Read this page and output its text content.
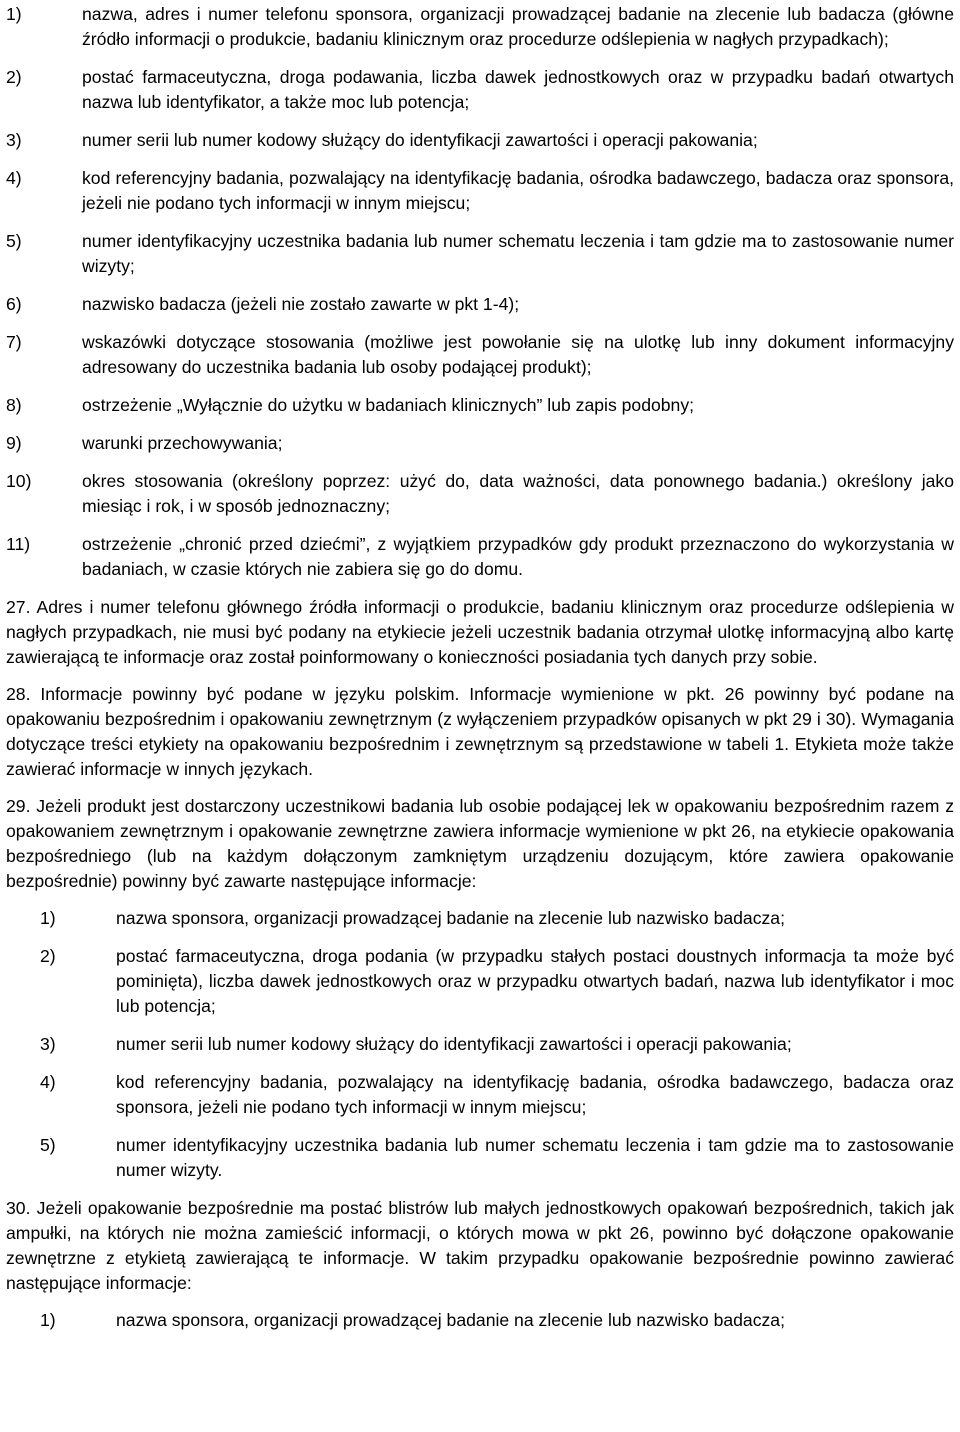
1)	nazwa, adres i numer telefonu sponsora, organizacji prowadzącej badanie na zlecenie lub badacza (główne źródło informacji o produkcie, badaniu klinicznym oraz procedurze odślepienia w nagłych przypadkach);
2)	postać farmaceutyczna, droga podawania, liczba dawek jednostkowych oraz w przypadku badań otwartych nazwa lub identyfikator, a także moc lub potencja;
3)	numer serii lub numer kodowy służący do identyfikacji zawartości i operacji pakowania;
4)	kod referencyjny badania, pozwalający na identyfikację badania, ośrodka badawczego, badacza oraz sponsora, jeżeli nie podano tych informacji w innym miejscu;
5)	numer identyfikacyjny uczestnika badania lub numer schematu leczenia i tam gdzie ma to zastosowanie numer wizyty;
6)	nazwisko badacza (jeżeli nie zostało zawarte w pkt 1-4);
7)	wskazówki dotyczące stosowania (możliwe jest powołanie się na ulotkę lub inny dokument informacyjny adresowany do uczestnika badania lub osoby podającej produkt);
8)	ostrzeżenie „Wyłącznie do użytku w badaniach klinicznych” lub zapis podobny;
9)	warunki przechowywania;
10)	okres stosowania (określony poprzez: użyć do, data ważności, data ponownego badania.) określony jako miesiąc i rok, i w sposób jednoznaczny;
11)	ostrzeżenie „chronić przed dziećmi”, z wyjątkiem przypadków gdy produkt przeznaczono do wykorzystania w badaniach, w czasie których nie zabiera się go do domu.

27. Adres i numer telefonu głównego źródła informacji o produkcie, badaniu klinicznym oraz procedurze odślepienia w nagłych przypadkach, nie musi być podany na etykiecie jeżeli uczestnik badania otrzymał ulotkę informacyjną albo kartę zawierającą te informacje oraz został poinformowany o konieczności posiadania tych danych przy sobie.

28. Informacje powinny być podane w języku polskim. Informacje wymienione w pkt. 26 powinny być podane na opakowaniu bezpośrednim i opakowaniu zewnętrznym (z wyłączeniem przypadków opisanych w pkt 29 i 30). Wymagania dotyczące treści etykiety na opakowaniu bezpośrednim i zewnętrznym są przedstawione w tabeli 1. Etykieta może także zawierać informacje w innych językach.

29. Jeżeli produkt jest dostarczony uczestnikowi badania lub osobie podającej lek w opakowaniu bezpośrednim razem z opakowaniem zewnętrznym i opakowanie zewnętrzne zawiera informacje wymienione w pkt 26, na etykiecie opakowania bezpośredniego (lub na każdym dołączonym zamkniętym urządzeniu dozującym, które zawiera opakowanie bezpośrednie) powinny być zawarte następujące informacje:

1)	nazwa sponsora, organizacji prowadzącej badanie na zlecenie lub nazwisko badacza;
2)	postać farmaceutyczna, droga podania (w przypadku stałych postaci doustnych informacja ta może być pominięta), liczba dawek jednostkowych oraz w przypadku otwartych badań, nazwa lub identyfikator i moc lub potencja;
3)	numer serii lub numer kodowy służący do identyfikacji zawartości i operacji pakowania;
4)	kod referencyjny badania, pozwalający na identyfikację badania, ośrodka badawczego, badacza oraz sponsora, jeżeli nie podano tych informacji w innym miejscu;
5)	numer identyfikacyjny uczestnika badania lub numer schematu leczenia i tam gdzie ma to zastosowanie numer wizyty.

30. Jeżeli opakowanie bezpośrednie ma postać blistrów lub małych jednostkowych opakowań bezpośrednich, takich jak ampułki, na których nie można zamieścić informacji, o których mowa w pkt 26, powinno być dołączone opakowanie zewnętrzne z etykietą zawierającą te informacje. W takim przypadku opakowanie bezpośrednie powinno zawierać następujące informacje:

1)	nazwa sponsora, organizacji prowadzącej badanie na zlecenie lub nazwisko badacza;
